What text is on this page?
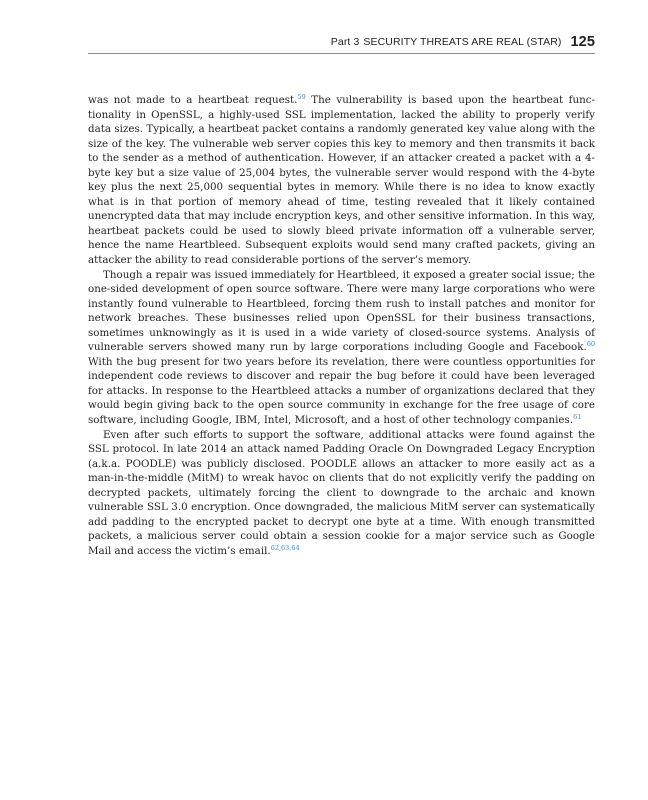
Part 3 SECURITY THREATS ARE REAL (STAR) 125

was not made to a heartbeat request.$^{59}$ The vulnerability is based upon the heartbeat functionality in OpenSSL, a highly-used SSL implementation, lacked the ability to properly verify data sizes. Typically, a heartbeat packet contains a randomly generated key value along with the size of the key. The vulnerable web server copies this key to memory and then transmits it back to the sender as a method of authentication. However, if an attacker created a packet with a 4-byte key but a size value of 25,004 bytes, the vulnerable server would respond with the 4-byte key plus the next 25,000 sequential bytes in memory. While there is no idea to know exactly what is in that portion of memory ahead of time, testing revealed that it likely contained unencrypted data that may include encryption keys, and other sensitive information. In this way, heartbeat packets could be used to slowly bleed private information off a vulnerable server, hence the name Heartbleed. Subsequent exploits would send many crafted packets, giving an attacker the ability to read considerable portions of the server’s memory.

Though a repair was issued immediately for Heartbleed, it exposed a greater social issue; the one-sided development of open source software. There were many large corporations who were instantly found vulnerable to Heartbleed, forcing them rush to install patches and monitor for network breaches. These businesses relied upon OpenSSL for their business transactions, sometimes unknowingly as it is used in a wide variety of closed-source systems. Analysis of vulnerable servers showed many run by large corporations including Google and Facebook.$^{60}$ With the bug present for two years before its revelation, there were countless opportunities for independent code reviews to discover and repair the bug before it could have been leveraged for attacks. In response to the Heartbleed attacks a number of organizations declared that they would begin giving back to the open source community in exchange for the free usage of core software, including Google, IBM, Intel, Microsoft, and a host of other technology companies.$^{61}$

Even after such efforts to support the software, additional attacks were found against the SSL protocol. In late 2014 an attack named Padding Oracle On Downgraded Legacy Encryption (a.k.a. POODLE) was publicly disclosed. POODLE allows an attacker to more easily act as a man-in-the-middle (MitM) to wreak havoc on clients that do not explicitly verify the padding on decrypted packets, ultimately forcing the client to downgrade to the archaic and known vulnerable SSL 3.0 encryption. Once downgraded, the malicious MitM server can systematically add padding to the encrypted packet to decrypt one byte at a time. With enough transmitted packets, a malicious server could obtain a session cookie for a major service such as Google Mail and access the victim’s email.$^{62,63,64}$
